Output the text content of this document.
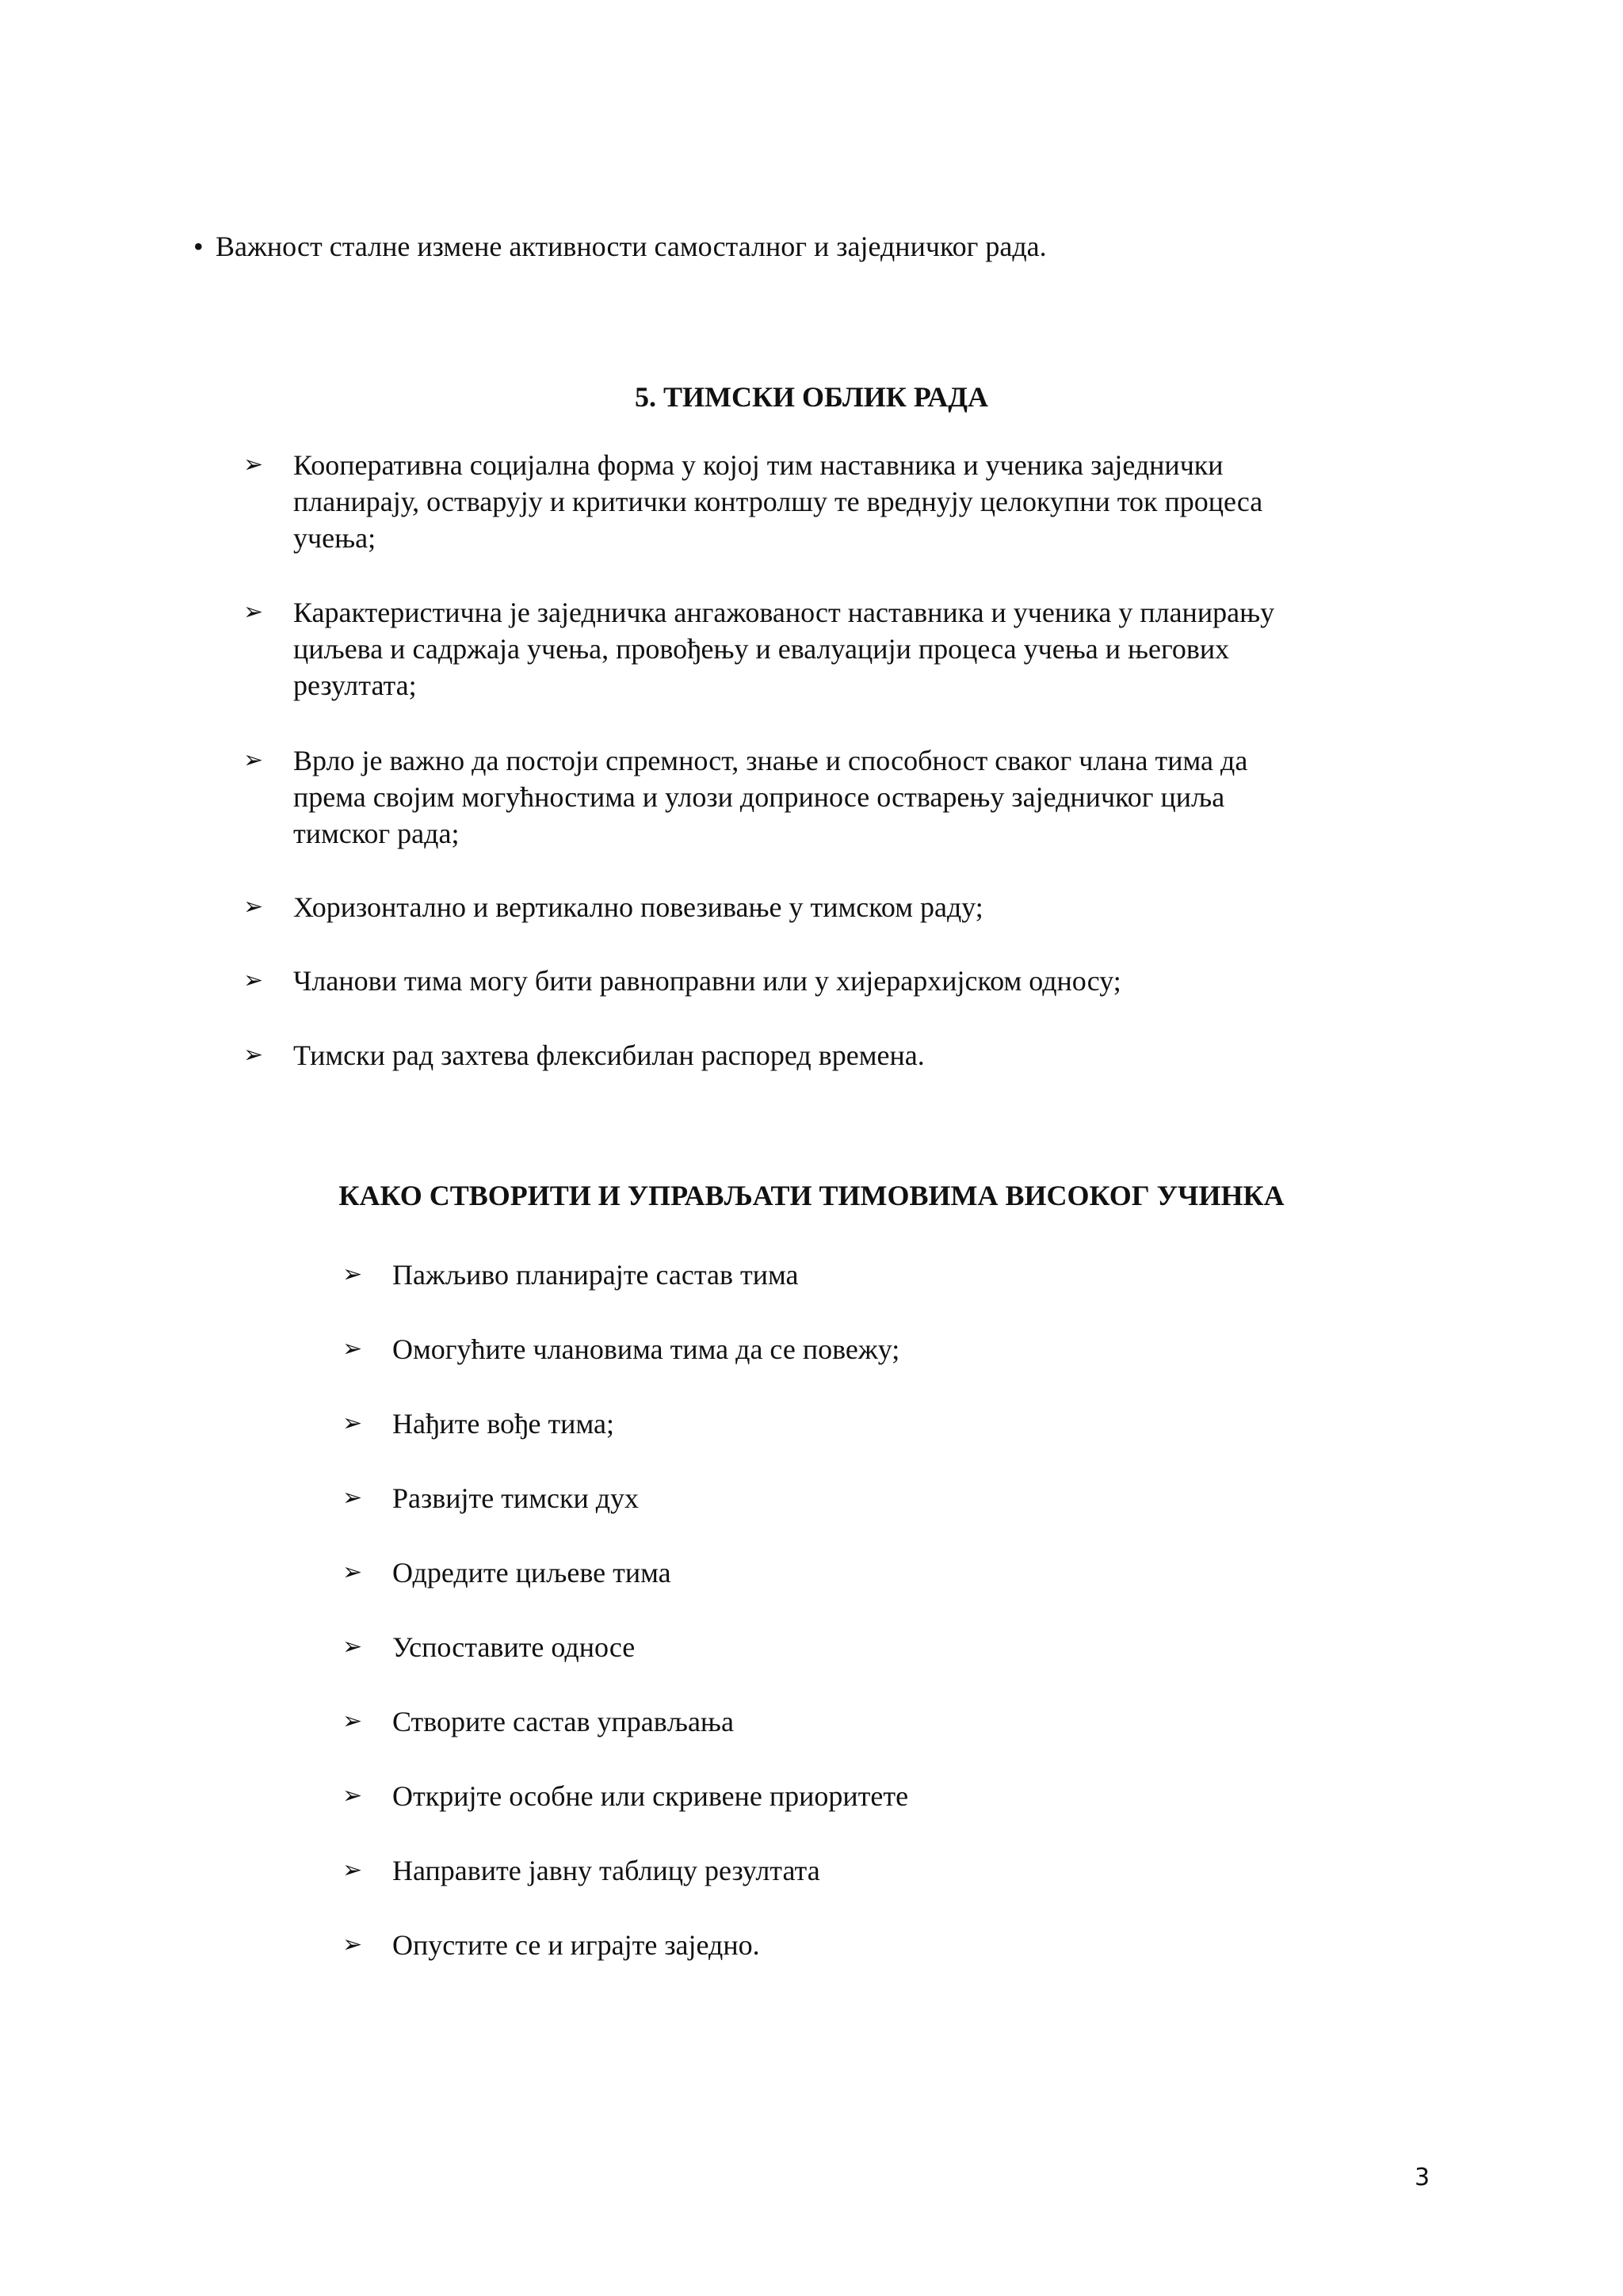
• Важност сталне измене активности самосталног и заједничког рада.
5. ТИМСКИ ОБЛИК РАДА
➢	Кооперативна социјална форма у којој тим наставника и ученика заједнички
планирају, остварују и критички контролшу те вреднују целокупни ток процеса
учења;
➢	Карактеристична је заједничка ангажованост наставника и ученика у планирању
циљева и садржаја учења, провођењу и евалуацији процеса учења и његових
резултата;
➢	Врло је важно да постоји спремност, знање и способност сваког члана тима да
према својим могућностима и улози доприносе остварењу заједничког циља
тимског рада;
➢	Хоризонтално и вертикално повезивање у тимском раду;
➢	Чланови тима могу бити равноправни или у хијерархијском односу;
➢	Тимски рад захтева флексибилан распоред времена.
КАКО СТВОРИТИ И УПРАВЉАТИ ТИМОВИМА ВИСОКОГ УЧИНКА
➢	Пажљиво планирајте састав тима
➢	Омогућите члановима тима да се повежу;
➢	Нађите вође тима;
➢	Развијте тимски дух
➢	Одредите циљеве тима
➢	Успоставите односе
➢	Створите састав управљања
➢	Откријте особне или скривене приоритете
➢	Направите јавну таблицу резултата
➢	Опустите се и играјте заједно.
3
